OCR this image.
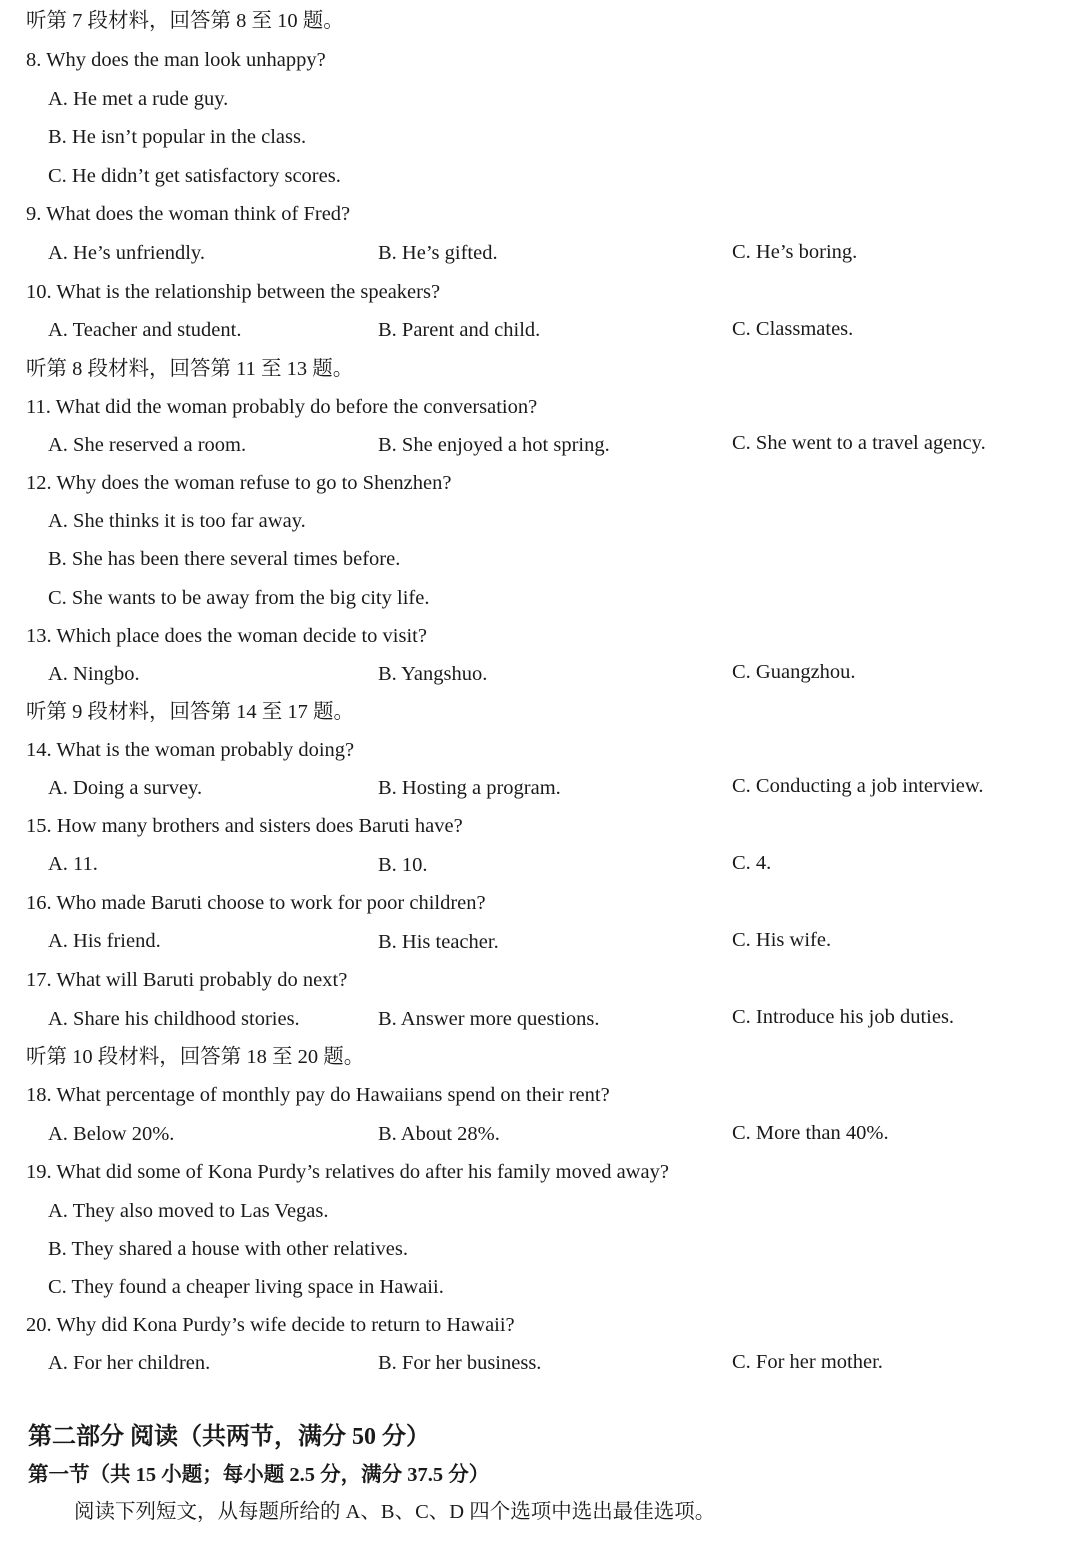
听第 7 段材料，回答第 8 至 10 题。
8. Why does the man look unhappy?
A. He met a rude guy.
B. He isn’t popular in the class.
C. He didn’t get satisfactory scores.
9. What does the woman think of Fred?
A. He’s unfriendly.	B. He’s gifted.	C. He’s boring.
10. What is the relationship between the speakers?
A. Teacher and student.	B. Parent and child.	C. Classmates.
听第 8 段材料，回答第 11 至 13 题。
11. What did the woman probably do before the conversation?
A. She reserved a room.	B. She enjoyed a hot spring.	C. She went to a travel agency.
12. Why does the woman refuse to go to Shenzhen?
A. She thinks it is too far away.
B. She has been there several times before.
C. She wants to be away from the big city life.
13. Which place does the woman decide to visit?
A. Ningbo.	B. Yangshuo.	C. Guangzhou.
听第 9 段材料，回答第 14 至 17 题。
14. What is the woman probably doing?
A. Doing a survey.	B. Hosting a program.	C. Conducting a job interview.
15. How many brothers and sisters does Baruti have?
A. 11.	B. 10.	C. 4.
16. Who made Baruti choose to work for poor children?
A. His friend.	B. His teacher.	C. His wife.
17. What will Baruti probably do next?
A. Share his childhood stories.	B. Answer more questions.	C. Introduce his job duties.
听第 10 段材料，回答第 18 至 20 题。
18. What percentage of monthly pay do Hawaiians spend on their rent?
A. Below 20%.	B. About 28%.	C. More than 40%.
19. What did some of Kona Purdy’s relatives do after his family moved away?
A. They also moved to Las Vegas.
B. They shared a house with other relatives.
C. They found a cheaper living space in Hawaii.
20. Why did Kona Purdy’s wife decide to return to Hawaii?
A. For her children.	B. For her business.	C. For her mother.
第二部分 阅读（共两节，满分 50 分）
第一节（共 15 小题；每小题 2.5 分，满分 37.5 分）
阅读下列短文，从每题所给的 A、B、C、D 四个选项中选出最佳选项。
